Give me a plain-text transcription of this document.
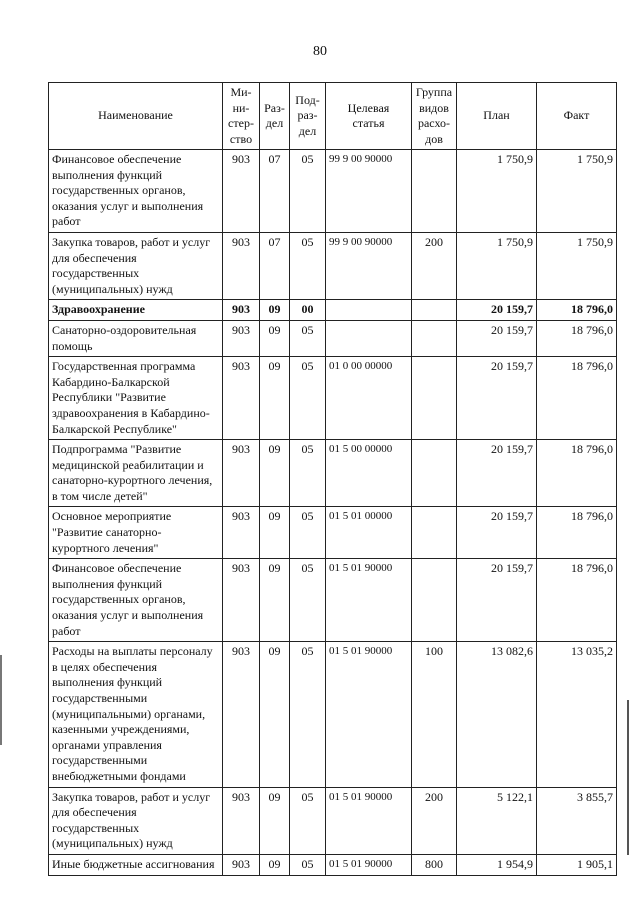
80
Наименование	Ми-
ни-
стер-
ство	Раз-
дел	Под-
раз-
дел	Целевая
статья	Группа
видов
расхо-
дов	План	Факт
Финансовое обеспечение выполнения функций государственных органов, оказания услуг и выполнения работ	903	07	05	99 9 00 90000		1 750,9	1 750,9
Закупка товаров, работ и услуг для обеспечения государственных (муниципальных) нужд	903	07	05	99 9 00 90000	200	1 750,9	1 750,9
Здравоохранение	903	09	00			20 159,7	18 796,0
Санаторно-оздоровительная помощь	903	09	05			20 159,7	18 796,0
Государственная программа Кабардино-Балкарской Республики "Развитие здравоохранения в Кабардино-Балкарской Республике"	903	09	05	01 0 00 00000		20 159,7	18 796,0
Подпрограмма "Развитие медицинской реабилитации и санаторно-курортного лечения, в том числе детей"	903	09	05	01 5 00 00000		20 159,7	18 796,0
Основное мероприятие "Развитие санаторно-курортного лечения"	903	09	05	01 5 01 00000		20 159,7	18 796,0
Финансовое обеспечение выполнения функций государственных органов, оказания услуг и выполнения работ	903	09	05	01 5 01 90000		20 159,7	18 796,0
Расходы на выплаты персоналу в целях обеспечения выполнения функций государственными (муниципальными) органами, казенными учреждениями, органами управления государственными внебюджетными фондами	903	09	05	01 5 01 90000	100	13 082,6	13 035,2
Закупка товаров, работ и услуг для обеспечения государственных (муниципальных) нужд	903	09	05	01 5 01 90000	200	5 122,1	3 855,7
Иные бюджетные ассигнования	903	09	05	01 5 01 90000	800	1 954,9	1 905,1
